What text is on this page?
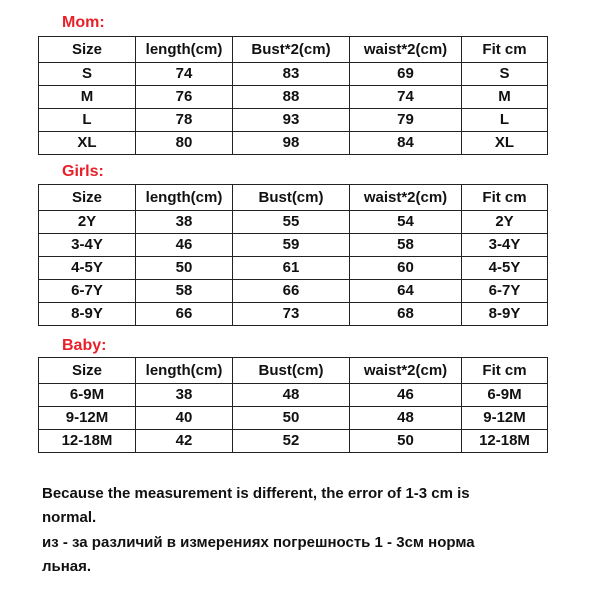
Mom:
Size	length(cm)	Bust*2(cm)	waist*2(cm)	Fit cm
S	74	83	69	S
M	76	88	74	M
L	78	93	79	L
XL	80	98	84	XL
Girls:
Size	length(cm)	Bust(cm)	waist*2(cm)	Fit cm
2Y	38	55	54	2Y
3-4Y	46	59	58	3-4Y
4-5Y	50	61	60	4-5Y
6-7Y	58	66	64	6-7Y
8-9Y	66	73	68	8-9Y
Baby:
Size	length(cm)	Bust(cm)	waist*2(cm)	Fit cm
6-9M	38	48	46	6-9M
9-12M	40	50	48	9-12M
12-18M	42	52	50	12-18M
Because the measurement is different, the error of 1-3 cm is
normal.
из - за различий в измерениях погрешность 1 - 3см норма
льная.
